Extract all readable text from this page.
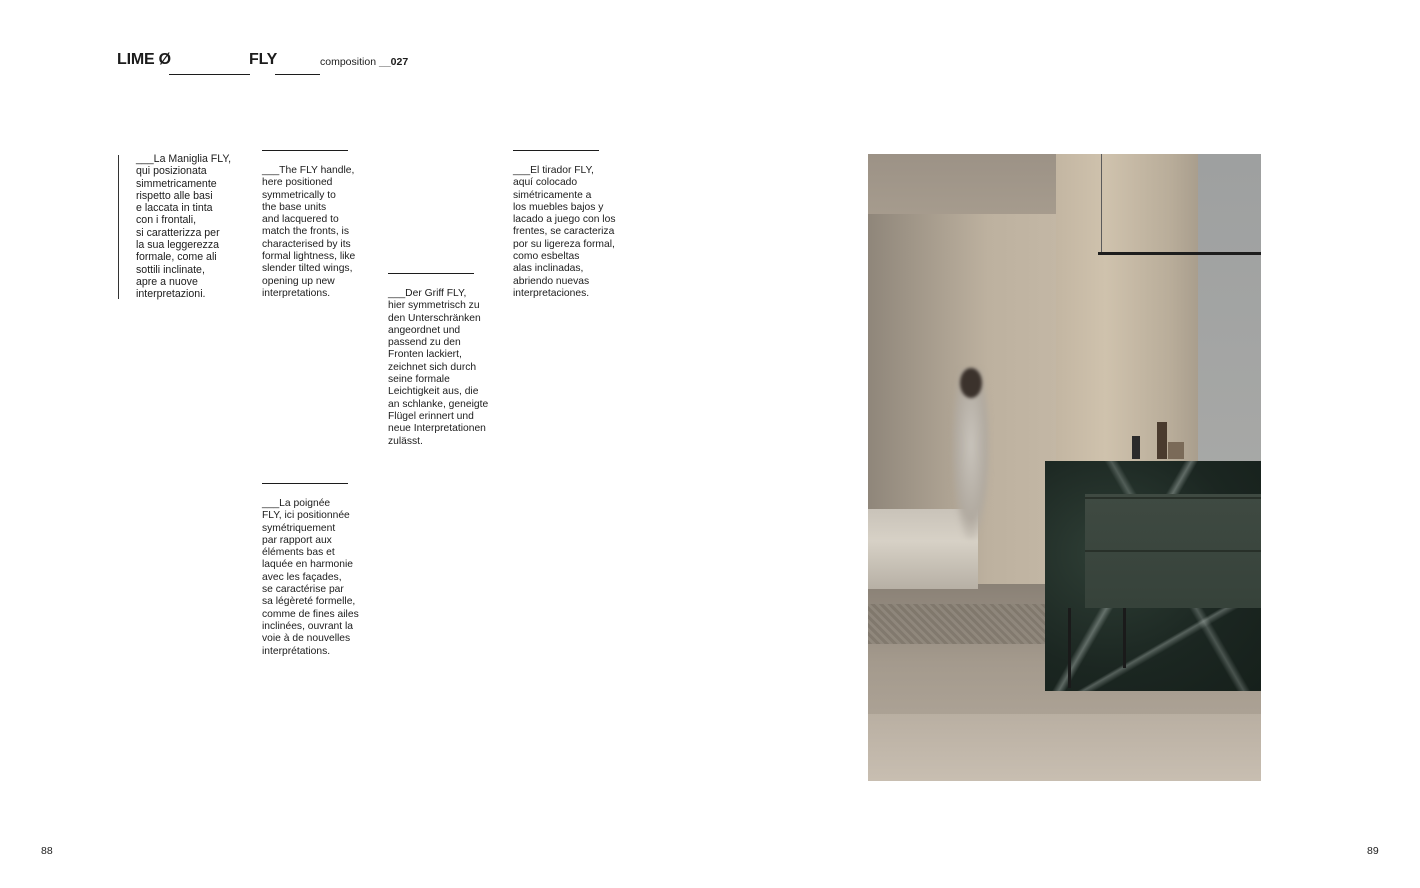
LIME Ø	FLY	composition __027
___La Maniglia FLY,
qui posizionata
simmetricamente
rispetto alle basi
e laccata in tinta
con i frontali,
si caratterizza per
la sua leggerezza
formale, come ali
sottili inclinate,
apre a nuove
interpretazioni.
___The FLY handle,
here positioned
symmetrically to
the base units
and lacquered to
match the fronts, is
characterised by its
formal lightness, like
slender tilted wings,
opening up new
interpretations.	___Der Griff FLY,
hier symmetrisch zu
den Unterschränken
angeordnet und
passend zu den
Fronten lackiert,
zeichnet sich durch
seine formale
Leichtigkeit aus, die
an schlanke, geneigte
Flügel erinnert und
neue Interpretationen
zulässt.
___El tirador FLY,
aquí colocado
simétricamente a
los muebles bajos y
lacado a juego con los
frentes, se caracteriza
por su ligereza formal,
como esbeltas
alas inclinadas,
abriendo nuevas
interpretaciones.
___La poignée
FLY, ici positionnée
symétriquement
par rapport aux
éléments bas et
laquée en harmonie
avec les façades,
se caractérise par
sa légèreté formelle,
comme de fines ailes
inclinées, ouvrant la
voie à de nouvelles
interprétations.
88	89
